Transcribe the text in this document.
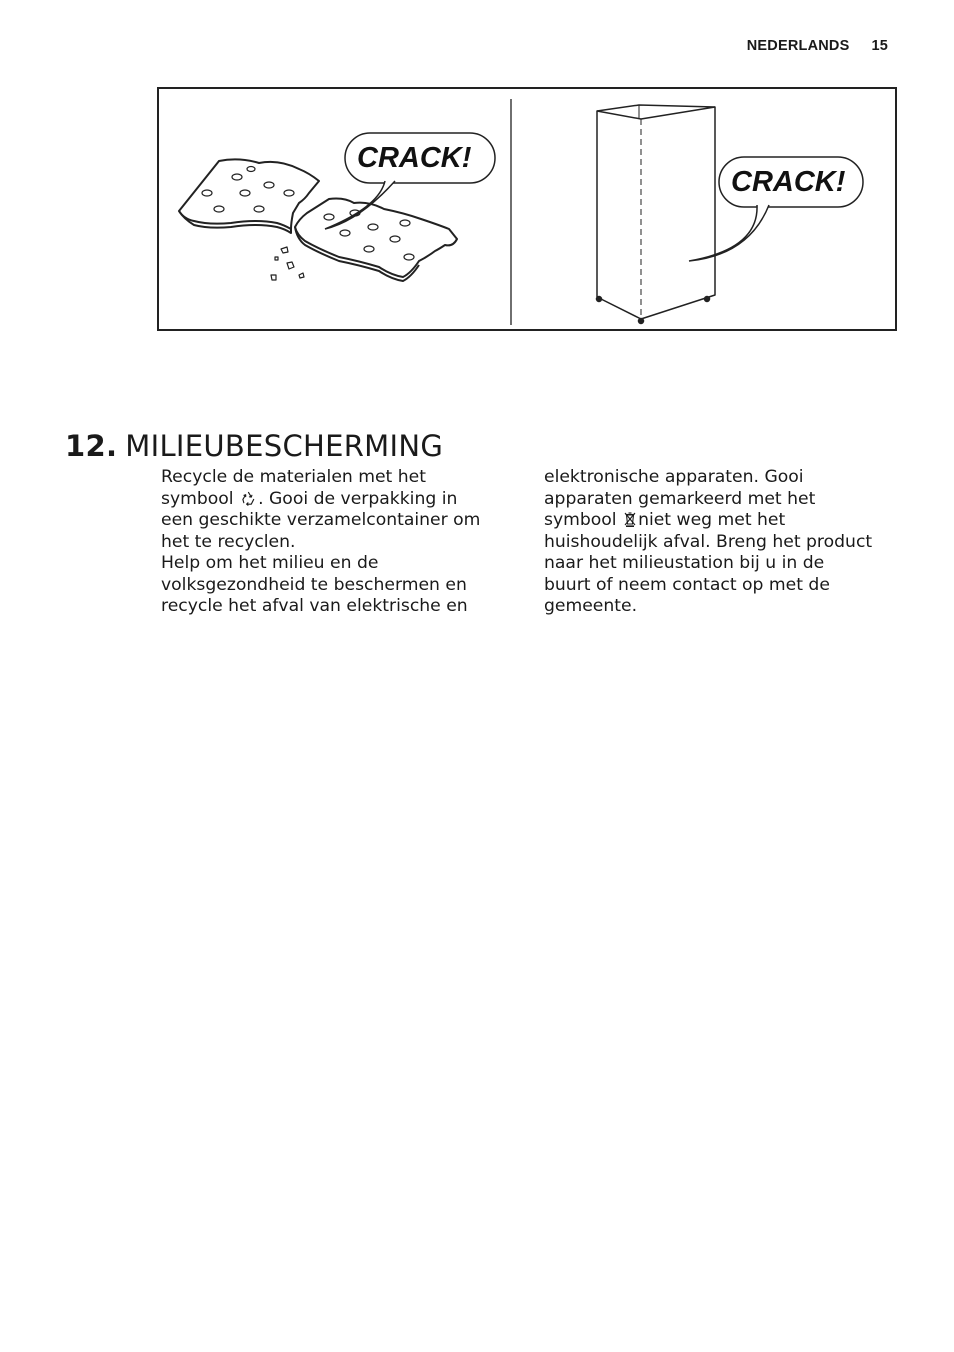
NEDERLANDS 15
CRACK!
CRACK!
12. MILIEUBESCHERMING

Recycle de materialen met het symbool . Gooi de verpakking in een geschikte verzamelcontainer om het te recyclen.

Help om het milieu en de volksgezondheid te beschermen en recycle het afval van elektrische en

elektronische apparaten. Gooi apparaten gemarkeerd met het symbool niet weg met het huishoudelijk afval. Breng het product naar het milieustation bij u in de buurt of neem contact op met de gemeente.
